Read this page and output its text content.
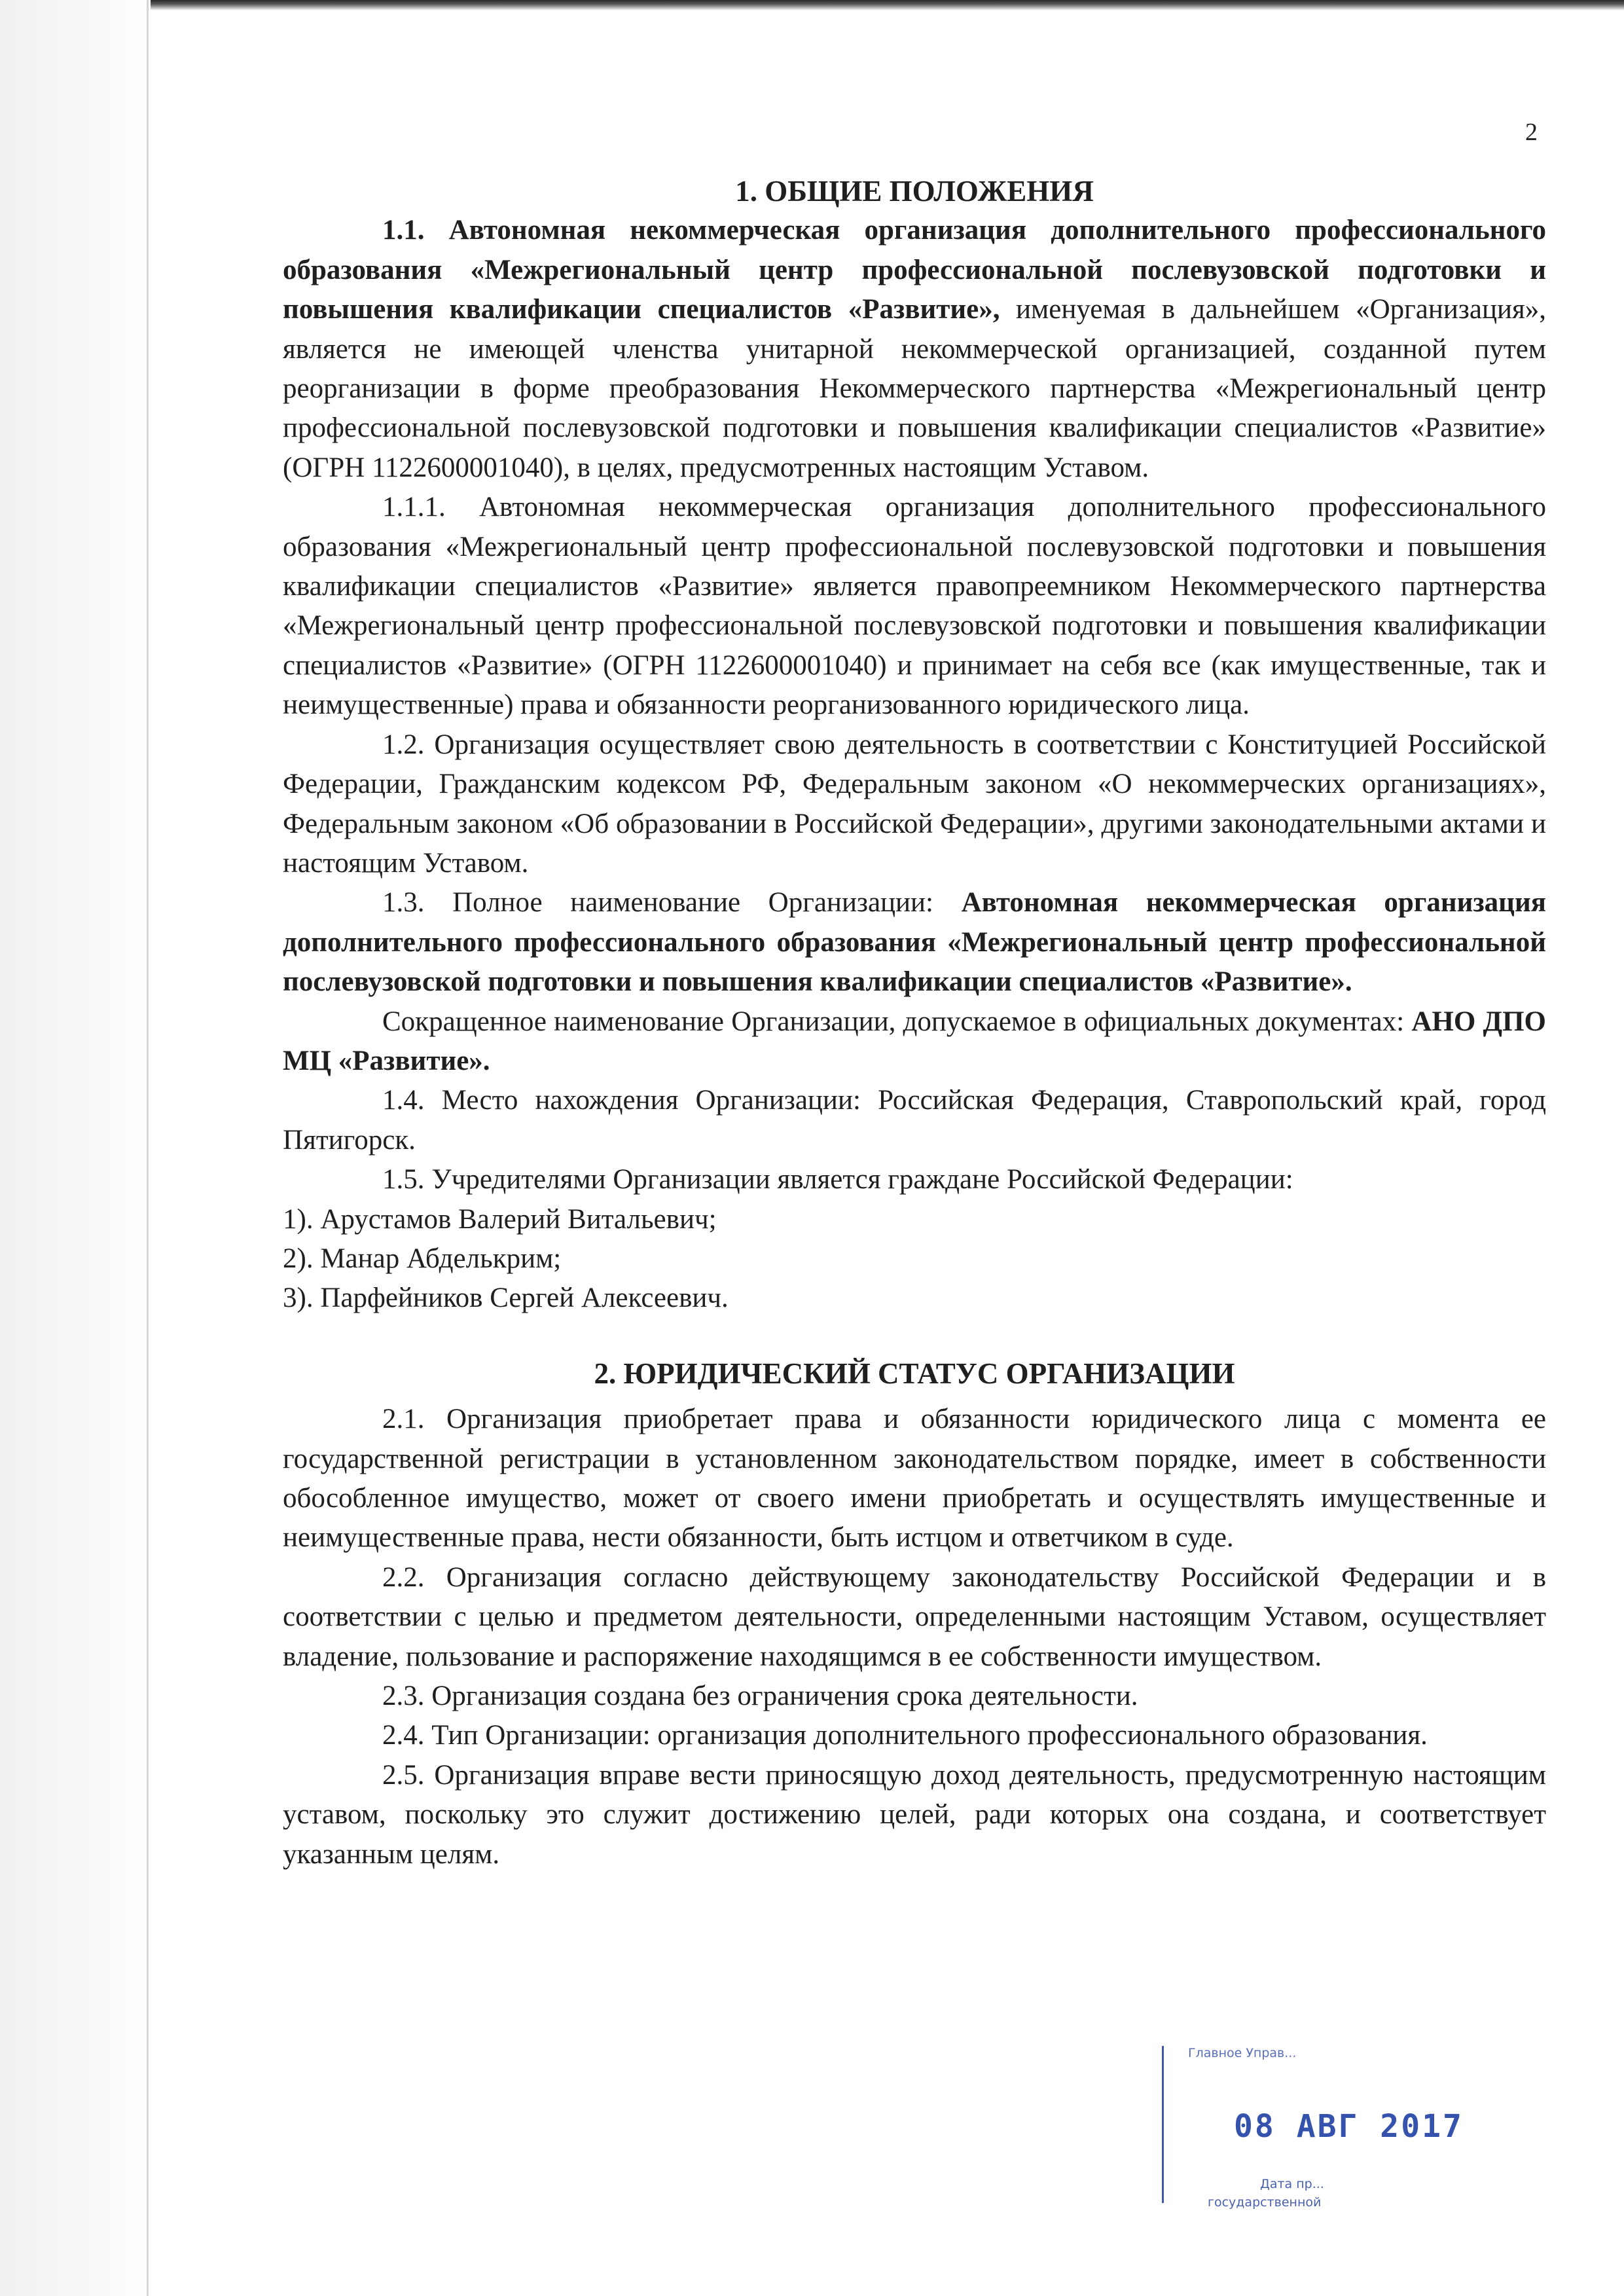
2
1. ОБЩИЕ ПОЛОЖЕНИЯ

1.1. Автономная некоммерческая организация дополнительного профессионального образования «Межрегиональный центр профессиональной послевузовской подготовки и повышения квалификации специалистов «Развитие», именуемая в дальнейшем «Организация», является не имеющей членства унитарной некоммерческой организацией, созданной путем реорганизации в форме преобразования Некоммерческого партнерства «Межрегиональный центр профессиональной послевузовской подготовки и повышения квалификации специалистов «Развитие» (ОГРН 1122600001040), в целях, предусмотренных настоящим Уставом.

1.1.1. Автономная некоммерческая организация дополнительного профессионального образования «Межрегиональный центр профессиональной послевузовской подготовки и повышения квалификации специалистов «Развитие» является правопреемником Некоммерческого партнерства «Межрегиональный центр профессиональной послевузовской подготовки и повышения квалификации специалистов «Развитие» (ОГРН 1122600001040) и принимает на себя все (как имущественные, так и неимущественные) права и обязанности реорганизованного юридического лица.

1.2. Организация осуществляет свою деятельность в соответствии с Конституцией Российской Федерации, Гражданским кодексом РФ, Федеральным законом «О некоммерческих организациях», Федеральным законом «Об образовании в Российской Федерации», другими законодательными актами и настоящим Уставом.

1.3. Полное наименование Организации: Автономная некоммерческая организация дополнительного профессионального образования «Межрегиональный центр профессиональной послевузовской подготовки и повышения квалификации специалистов «Развитие».

Сокращенное наименование Организации, допускаемое в официальных документах: АНО ДПО МЦ «Развитие».

1.4. Место нахождения Организации: Российская Федерация, Ставропольский край, город Пятигорск.

1.5. Учредителями Организации является граждане Российской Федерации:

1). Арустамов Валерий Витальевич;

2). Манар Абделькрим;

3). Парфейников Сергей Алексеевич.

2. ЮРИДИЧЕСКИЙ СТАТУС ОРГАНИЗАЦИИ

2.1. Организация приобретает права и обязанности юридического лица с момента ее государственной регистрации в установленном законодательством порядке, имеет в собственности обособленное имущество, может от своего имени приобретать и осуществлять имущественные и неимущественные права, нести обязанности, быть истцом и ответчиком в суде.

2.2. Организация согласно действующему законодательству Российской Федерации и в соответствии с целью и предметом деятельности, определенными настоящим Уставом, осуществляет владение, пользование и распоряжение находящимся в ее собственности имуществом.

2.3. Организация создана без ограничения срока деятельности.

2.4. Тип Организации: организация дополнительного профессионального образования.

2.5. Организация вправе вести приносящую доход деятельность, предусмотренную настоящим уставом, поскольку это служит достижению целей, ради которых она создана, и соответствует указанным целям.

Главное Управ...
08 АВГ 2017
Дата пр...
государственной
